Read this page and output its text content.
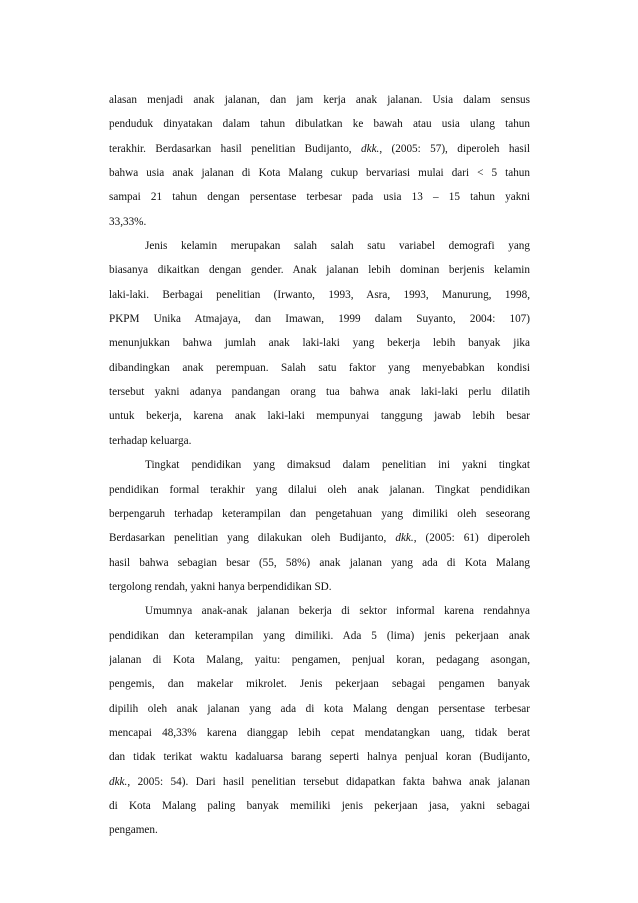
alasan menjadi anak jalanan, dan jam kerja anak jalanan. Usia dalam sensus
penduduk dinyatakan dalam tahun dibulatkan ke bawah atau usia ulang tahun
terakhir. Berdasarkan hasil penelitian Budijanto, dkk., (2005: 57), diperoleh hasil
bahwa usia anak jalanan di Kota Malang cukup bervariasi mulai dari < 5 tahun
sampai 21 tahun dengan persentase terbesar pada usia 13 – 15 tahun yakni
33,33%.
Jenis kelamin merupakan salah salah satu variabel demografi yang
biasanya dikaitkan dengan gender. Anak jalanan lebih dominan berjenis kelamin
laki-laki. Berbagai penelitian (Irwanto, 1993, Asra, 1993, Manurung, 1998,
PKPM Unika Atmajaya, dan Imawan, 1999 dalam Suyanto, 2004: 107)
menunjukkan bahwa jumlah anak laki-laki yang bekerja lebih banyak jika
dibandingkan anak perempuan. Salah satu faktor yang menyebabkan kondisi
tersebut yakni adanya pandangan orang tua bahwa anak laki-laki perlu dilatih
untuk bekerja, karena anak laki-laki mempunyai tanggung jawab lebih besar
terhadap keluarga.
Tingkat pendidikan yang dimaksud dalam penelitian ini yakni tingkat
pendidikan formal terakhir yang dilalui oleh anak jalanan. Tingkat pendidikan
berpengaruh terhadap keterampilan dan pengetahuan yang dimiliki oleh seseorang
Berdasarkan penelitian yang dilakukan oleh Budijanto, dkk., (2005: 61) diperoleh
hasil bahwa sebagian besar (55, 58%) anak jalanan yang ada di Kota Malang
tergolong rendah, yakni hanya berpendidikan SD.
Umumnya anak-anak jalanan bekerja di sektor informal karena rendahnya
pendidikan dan keterampilan yang dimiliki. Ada 5 (lima) jenis pekerjaan anak
jalanan di Kota Malang, yaitu: pengamen, penjual koran, pedagang asongan,
pengemis, dan makelar mikrolet. Jenis pekerjaan sebagai pengamen banyak
dipilih oleh anak jalanan yang ada di kota Malang dengan persentase terbesar
mencapai 48,33% karena dianggap lebih cepat mendatangkan uang, tidak berat
dan tidak terikat waktu kadaluarsa barang seperti halnya penjual koran (Budijanto,
dkk., 2005: 54). Dari hasil penelitian tersebut didapatkan fakta bahwa anak jalanan
di Kota Malang paling banyak memiliki jenis pekerjaan jasa, yakni sebagai
pengamen.
